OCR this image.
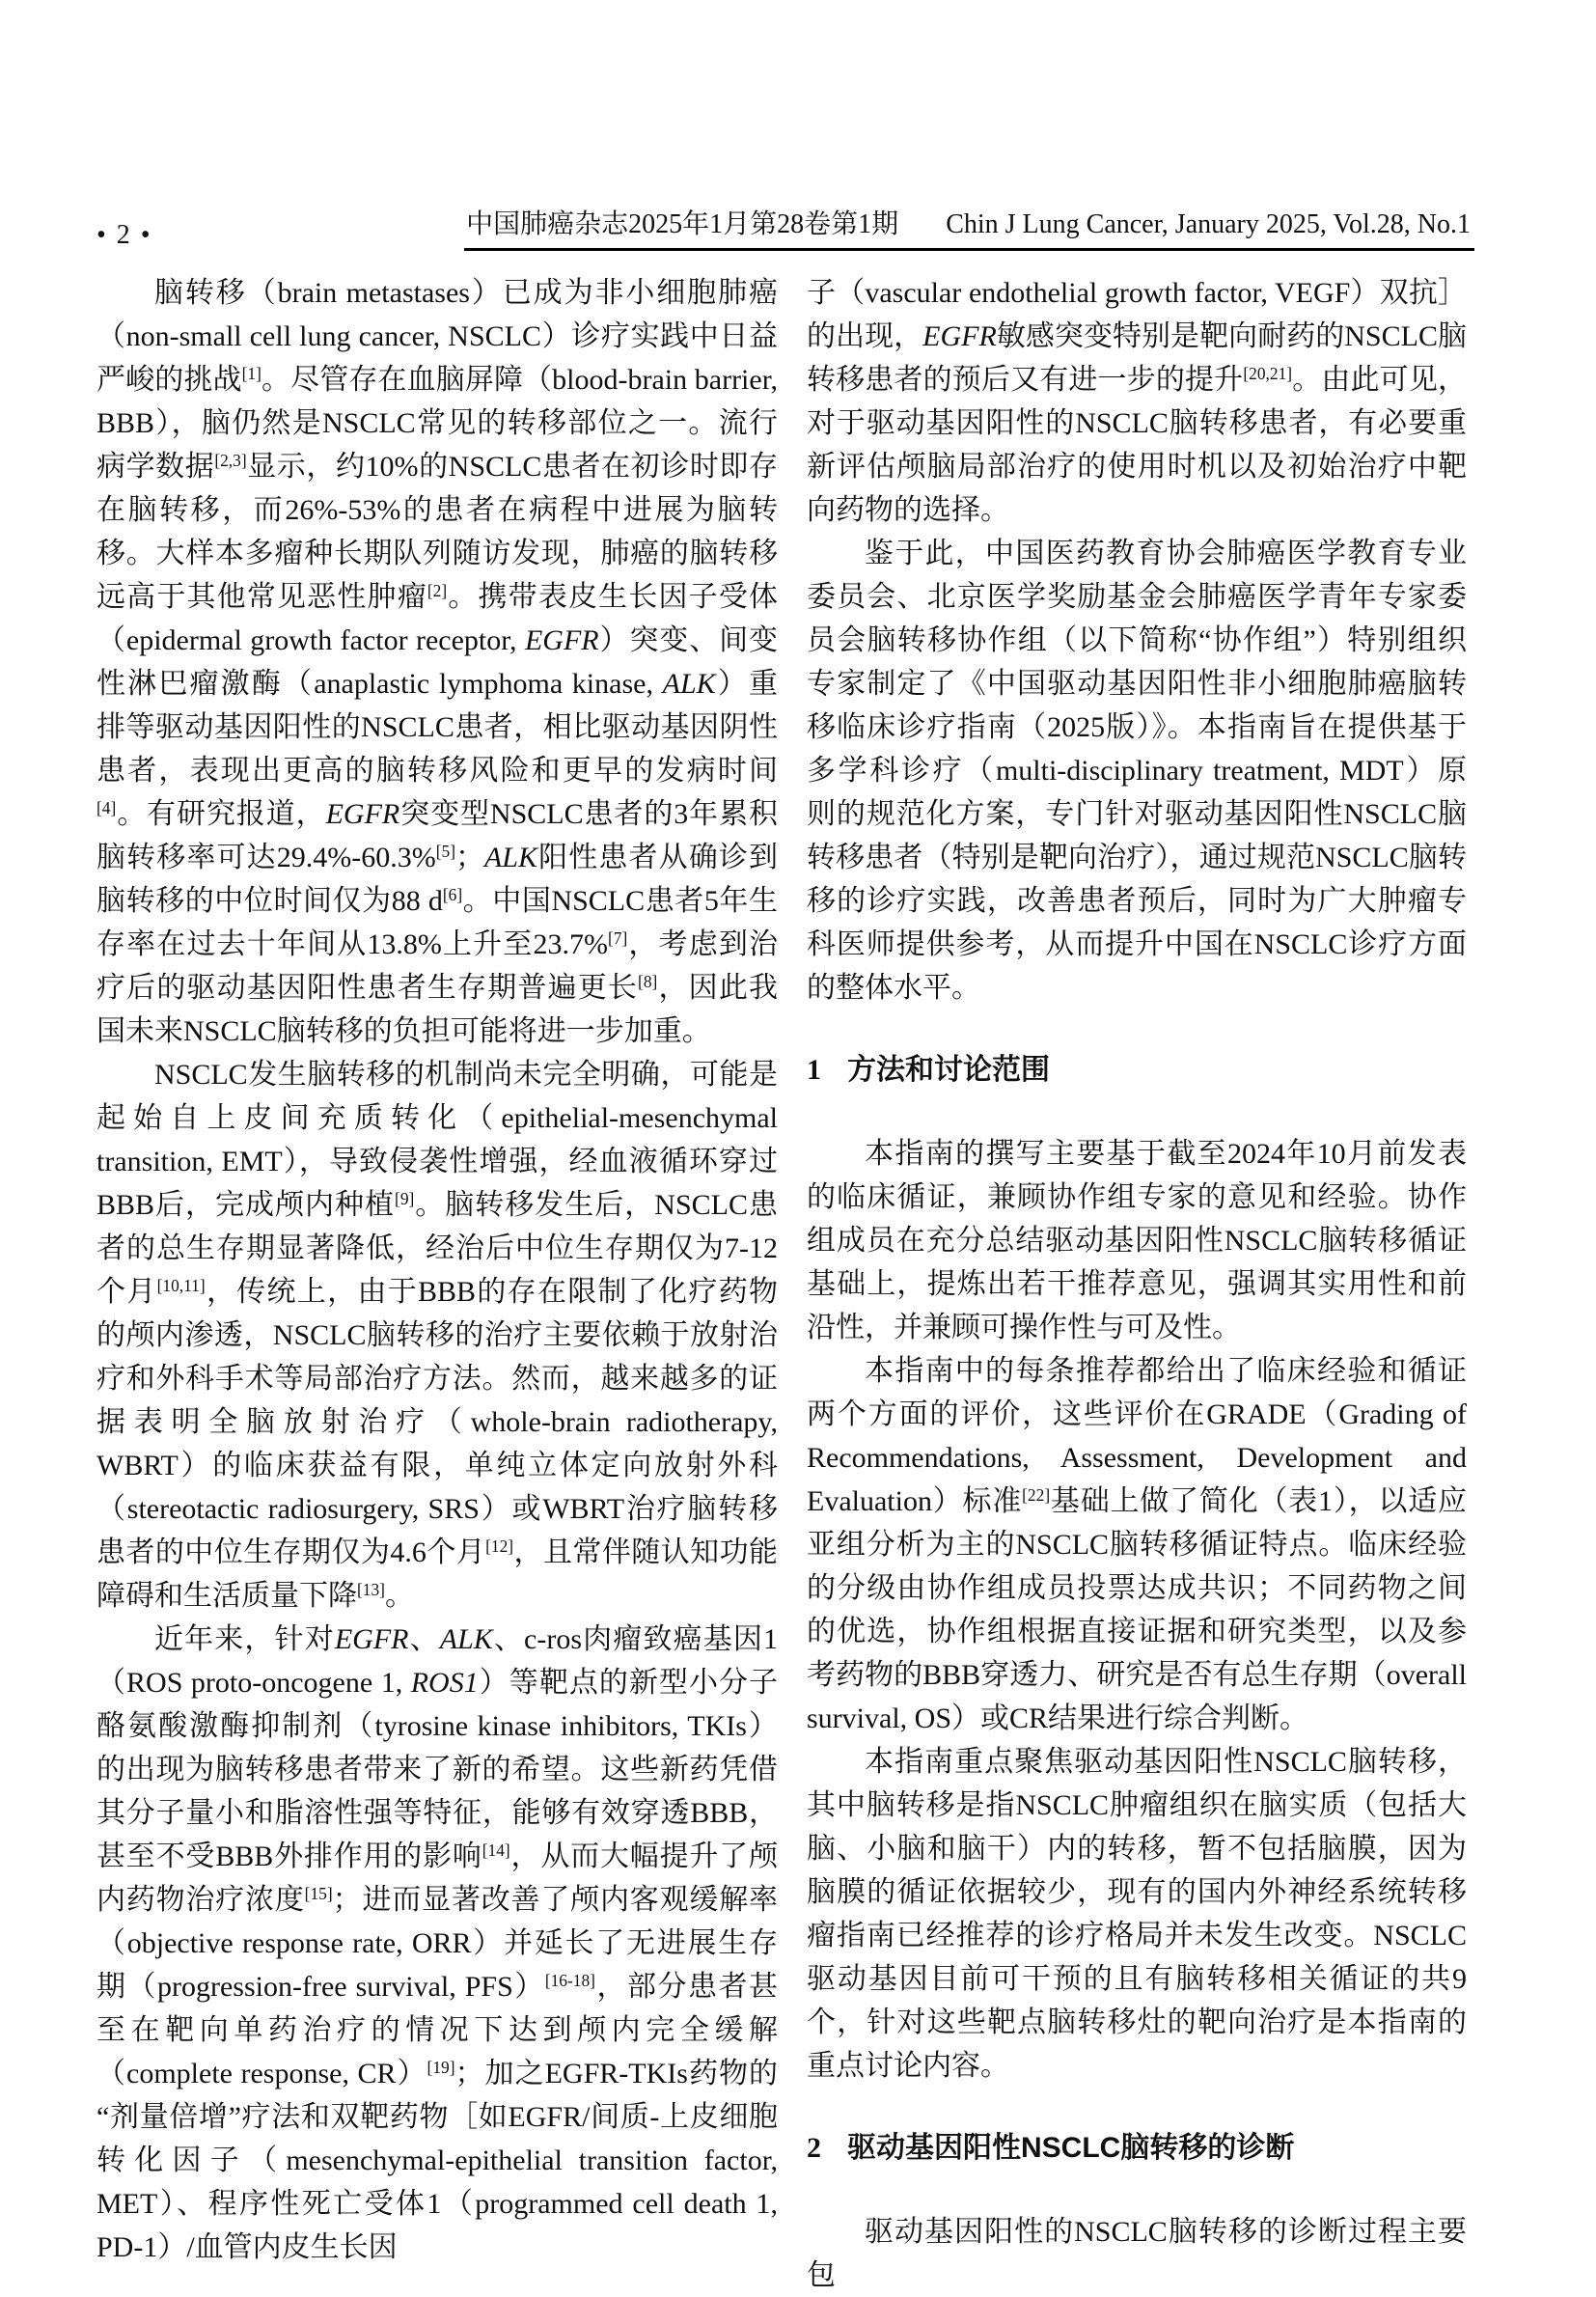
• 2 •	中国肺癌杂志2025年1月第28卷第1期 Chin J Lung Cancer, January 2025, Vol.28, No.1

脑转移（brain metastases）已成为非小细胞肺癌（non-small cell lung cancer, NSCLC）诊疗实践中日益严峻的挑战[1]。尽管存在血脑屏障（blood-brain barrier, BBB），脑仍然是NSCLC常见的转移部位之一。流行病学数据[2,3]显示，约10%的NSCLC患者在初诊时即存在脑转移，而26%-53%的患者在病程中进展为脑转移。大样本多瘤种长期队列随访发现，肺癌的脑转移远高于其他常见恶性肿瘤[2]。携带表皮生长因子受体（epidermal growth factor receptor, EGFR）突变、间变性淋巴瘤激酶（anaplastic lymphoma kinase, ALK）重排等驱动基因阳性的NSCLC患者，相比驱动基因阴性患者，表现出更高的脑转移风险和更早的发病时间[4]。有研究报道，EGFR突变型NSCLC患者的3年累积脑转移率可达29.4%-60.3%[5]；ALK阳性患者从确诊到脑转移的中位时间仅为88 d[6]。中国NSCLC患者5年生存率在过去十年间从13.8%上升至23.7%[7]，考虑到治疗后的驱动基因阳性患者生存期普遍更长[8]，因此我国未来NSCLC脑转移的负担可能将进一步加重。

NSCLC发生脑转移的机制尚未完全明确，可能是起始自上皮间充质转化（epithelial-mesenchymal transition, EMT），导致侵袭性增强，经血液循环穿过BBB后，完成颅内种植[9]。脑转移发生后，NSCLC患者的总生存期显著降低，经治后中位生存期仅为7-12个月[10,11]，传统上，由于BBB的存在限制了化疗药物的颅内渗透，NSCLC脑转移的治疗主要依赖于放射治疗和外科手术等局部治疗方法。然而，越来越多的证据表明全脑放射治疗（whole-brain radiotherapy, WBRT）的临床获益有限，单纯立体定向放射外科（stereotactic radiosurgery, SRS）或WBRT治疗脑转移患者的中位生存期仅为4.6个月[12]，且常伴随认知功能障碍和生活质量下降[13]。

近年来，针对EGFR、ALK、c-ros肉瘤致癌基因1（ROS proto-oncogene 1, ROS1）等靶点的新型小分子酪氨酸激酶抑制剂（tyrosine kinase inhibitors, TKIs）的出现为脑转移患者带来了新的希望。这些新药凭借其分子量小和脂溶性强等特征，能够有效穿透BBB，甚至不受BBB外排作用的影响[14]，从而大幅提升了颅内药物治疗浓度[15]；进而显著改善了颅内客观缓解率（objective response rate, ORR）并延长了无进展生存期（progression-free survival, PFS）[16-18]，部分患者甚至在靶向单药治疗的情况下达到颅内完全缓解（complete response, CR）[19]；加之EGFR-TKIs药物的“剂量倍增”疗法和双靶药物［如EGFR/间质-上皮细胞转化因子（mesenchymal-epithelial transition factor, MET）、程序性死亡受体1（programmed cell death 1, PD-1）/血管内皮生长因

子（vascular endothelial growth factor, VEGF）双抗］的出现，EGFR敏感突变特别是靶向耐药的NSCLC脑转移患者的预后又有进一步的提升[20,21]。由此可见，对于驱动基因阳性的NSCLC脑转移患者，有必要重新评估颅脑局部治疗的使用时机以及初始治疗中靶向药物的选择。

鉴于此，中国医药教育协会肺癌医学教育专业委员会、北京医学奖励基金会肺癌医学青年专家委员会脑转移协作组（以下简称“协作组”）特别组织专家制定了《中国驱动基因阳性非小细胞肺癌脑转移临床诊疗指南（2025版）》。本指南旨在提供基于多学科诊疗（multi-disciplinary treatment, MDT）原则的规范化方案，专门针对驱动基因阳性NSCLC脑转移患者（特别是靶向治疗），通过规范NSCLC脑转移的诊疗实践，改善患者预后，同时为广大肿瘤专科医师提供参考，从而提升中国在NSCLC诊疗方面的整体水平。

1 方法和讨论范围

本指南的撰写主要基于截至2024年10月前发表的临床循证，兼顾协作组专家的意见和经验。协作组成员在充分总结驱动基因阳性NSCLC脑转移循证基础上，提炼出若干推荐意见，强调其实用性和前沿性，并兼顾可操作性与可及性。

本指南中的每条推荐都给出了临床经验和循证两个方面的评价，这些评价在GRADE（Grading of Recommendations, Assessment, Development and Evaluation）标准[22]基础上做了简化（表1），以适应亚组分析为主的NSCLC脑转移循证特点。临床经验的分级由协作组成员投票达成共识；不同药物之间的优选，协作组根据直接证据和研究类型，以及参考药物的BBB穿透力、研究是否有总生存期（overall survival, OS）或CR结果进行综合判断。

本指南重点聚焦驱动基因阳性NSCLC脑转移，其中脑转移是指NSCLC肿瘤组织在脑实质（包括大脑、小脑和脑干）内的转移，暂不包括脑膜，因为脑膜的循证依据较少，现有的国内外神经系统转移瘤指南已经推荐的诊疗格局并未发生改变。NSCLC驱动基因目前可干预的且有脑转移相关循证的共9个，针对这些靶点脑转移灶的靶向治疗是本指南的重点讨论内容。

2 驱动基因阳性NSCLC脑转移的诊断

驱动基因阳性的NSCLC脑转移的诊断过程主要包
